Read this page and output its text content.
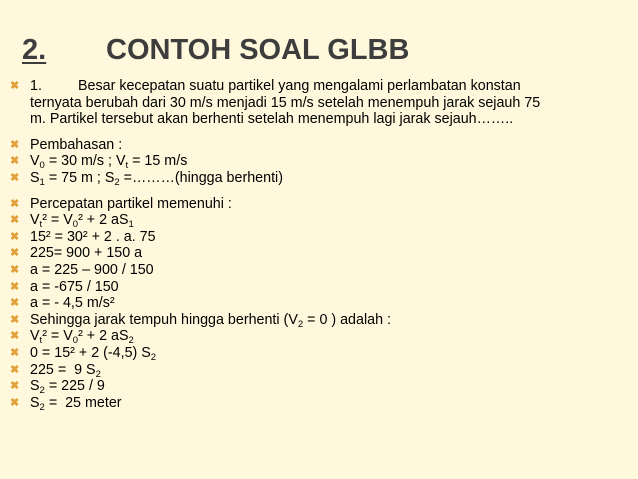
2. CONTOH SOAL GLBB
✖ 1.	Besar kecepatan suatu partikel yang mengalami perlambatan konstan
ternyata berubah dari 30 m/s menjadi 15 m/s setelah menempuh jarak sejauh 75
m. Partikel tersebut akan berhenti setelah menempuh lagi jarak sejauh……..
✖ Pembahasan :
✖ $V_0 = 30$ m/s ; $V_t = 15$ m/s
✖ $S_1 = 75$ m ; $S_2$ =………(hingga berhenti)
✖ Percepatan partikel memenuhi :
✖ $V_t^2 = V_0^2 + 2$ $aS_1$
✖ 15² = 30² + 2 . a. 75
✖ 225= 900 + 150 a
✖ a = 225 – 900 / 150
✖ a = -675 / 150
✖ a = - 4,5 m/s²
✖ Sehingga jarak tempuh hingga berhenti ($V_2 = 0$ ) adalah :
✖ $V_t^2 = V_0^2 + 2$ $aS_2$
✖ 0 = 15² + 2 (-4,5) $S_2$
✖ 225 =  9 $S_2$
✖ $S_2 = 225 / 9$
✖ $S_2 = 25$ meter
